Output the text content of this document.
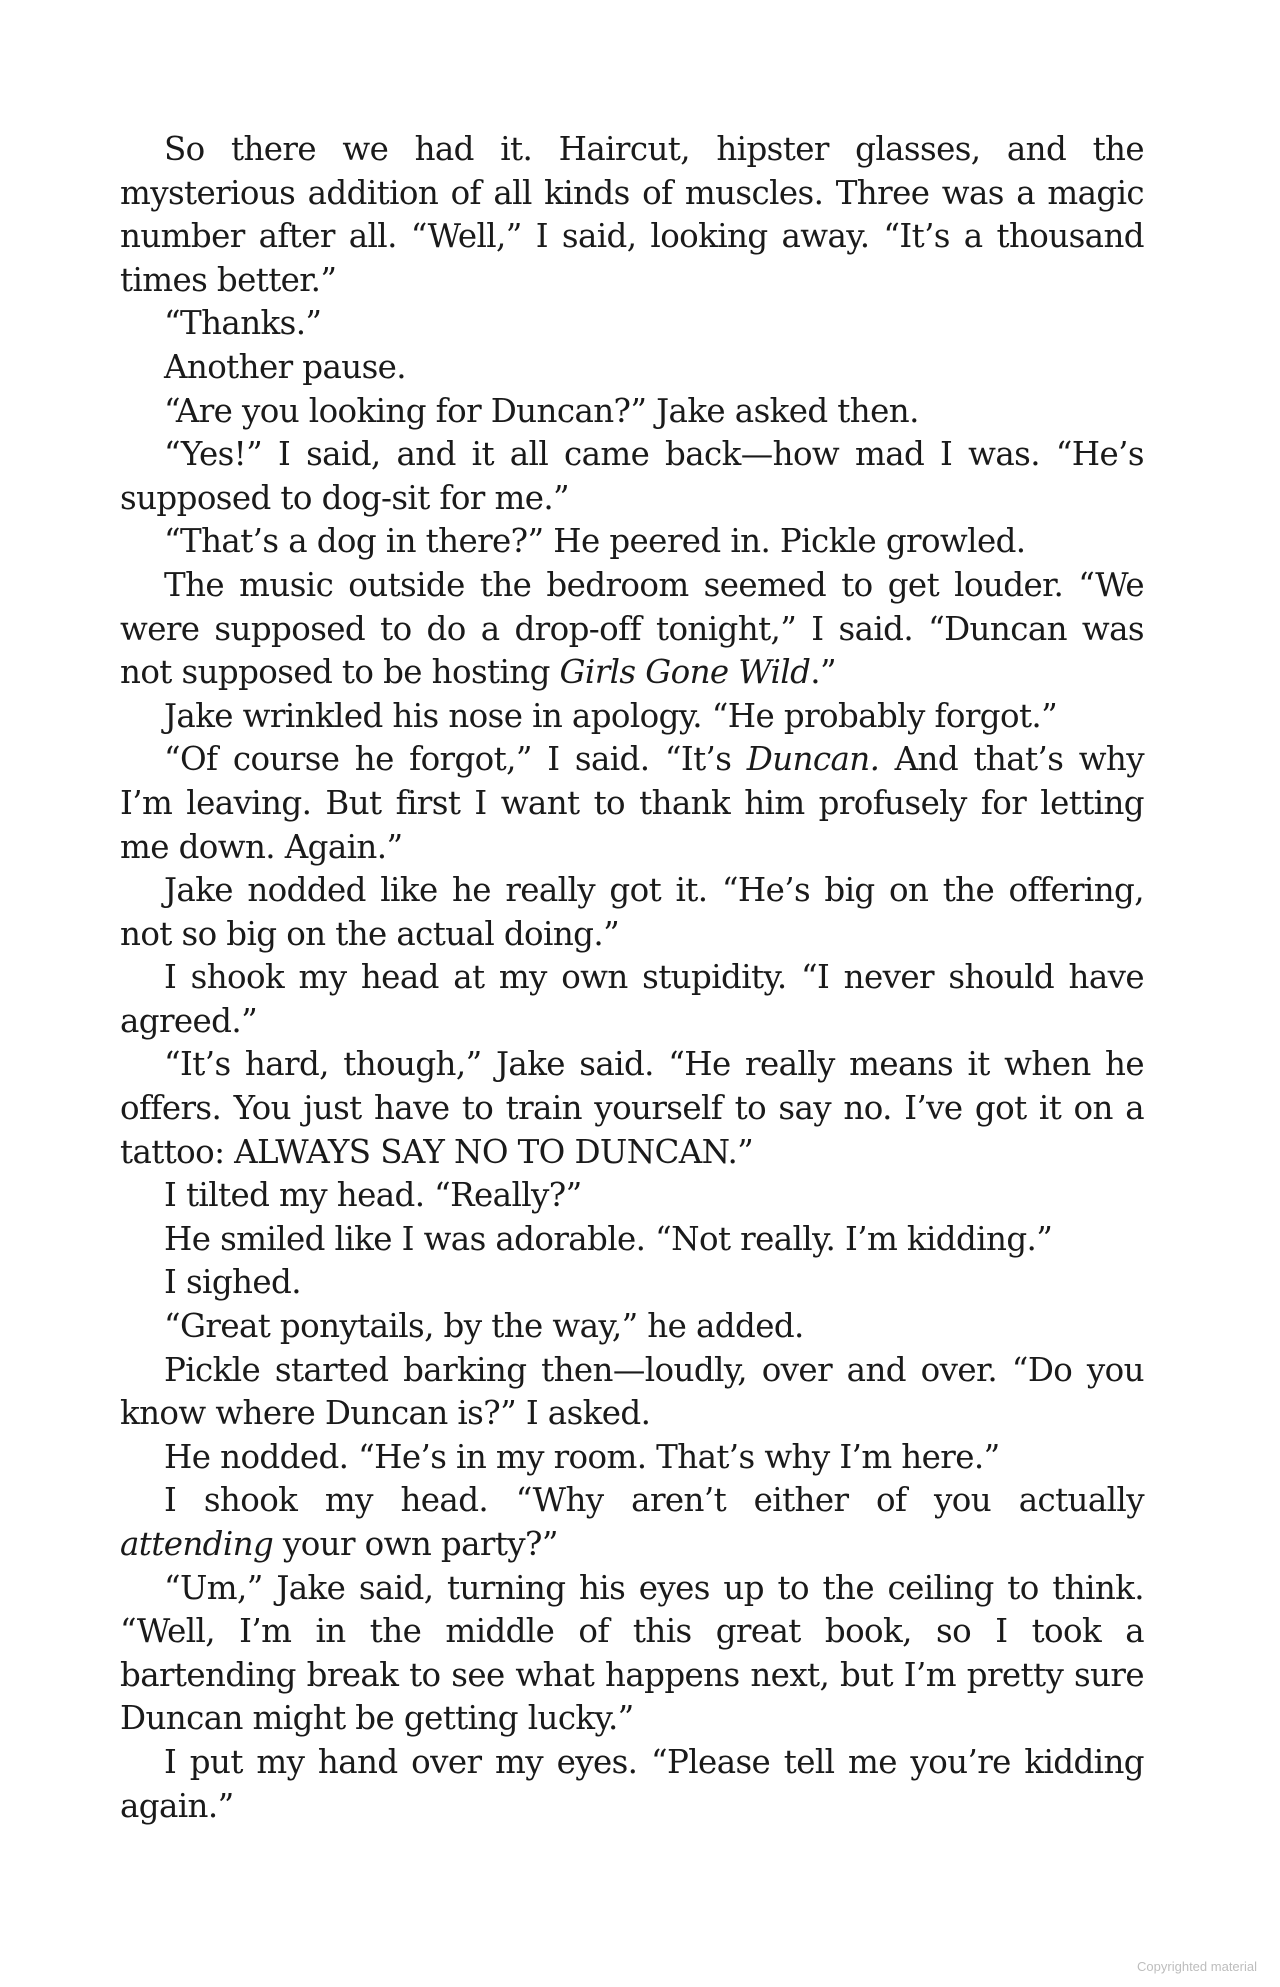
So there we had it. Haircut, hipster glasses, and the mysterious addition of all kinds of muscles. Three was a magic number after all. “Well,” I said, looking away. “It’s a thousand times better.”

“Thanks.”

Another pause.

“Are you looking for Duncan?” Jake asked then.

“Yes!” I said, and it all came back—how mad I was. “He’s supposed to dog-sit for me.”

“That’s a dog in there?” He peered in. Pickle growled.

The music outside the bedroom seemed to get louder. “We were supposed to do a drop-off tonight,” I said. “Duncan was not supposed to be hosting Girls Gone Wild.”

Jake wrinkled his nose in apology. “He probably forgot.”

“Of course he forgot,” I said. “It’s Duncan. And that’s why I’m leaving. But first I want to thank him profusely for letting me down. Again.”

Jake nodded like he really got it. “He’s big on the offering, not so big on the actual doing.”

I shook my head at my own stupidity. “I never should have agreed.”

“It’s hard, though,” Jake said. “He really means it when he offers. You just have to train yourself to say no. I’ve got it on a tattoo: ALWAYS SAY NO TO DUNCAN.”

I tilted my head. “Really?”

He smiled like I was adorable. “Not really. I’m kidding.”

I sighed.

“Great ponytails, by the way,” he added.

Pickle started barking then—loudly, over and over. “Do you know where Duncan is?” I asked.

He nodded. “He’s in my room. That’s why I’m here.”

I shook my head. “Why aren’t either of you actually attending your own party?”

“Um,” Jake said, turning his eyes up to the ceiling to think. “Well, I’m in the middle of this great book, so I took a bartending break to see what happens next, but I’m pretty sure Duncan might be getting lucky.”

I put my hand over my eyes. “Please tell me you’re kidding again.”

Copyrighted material
